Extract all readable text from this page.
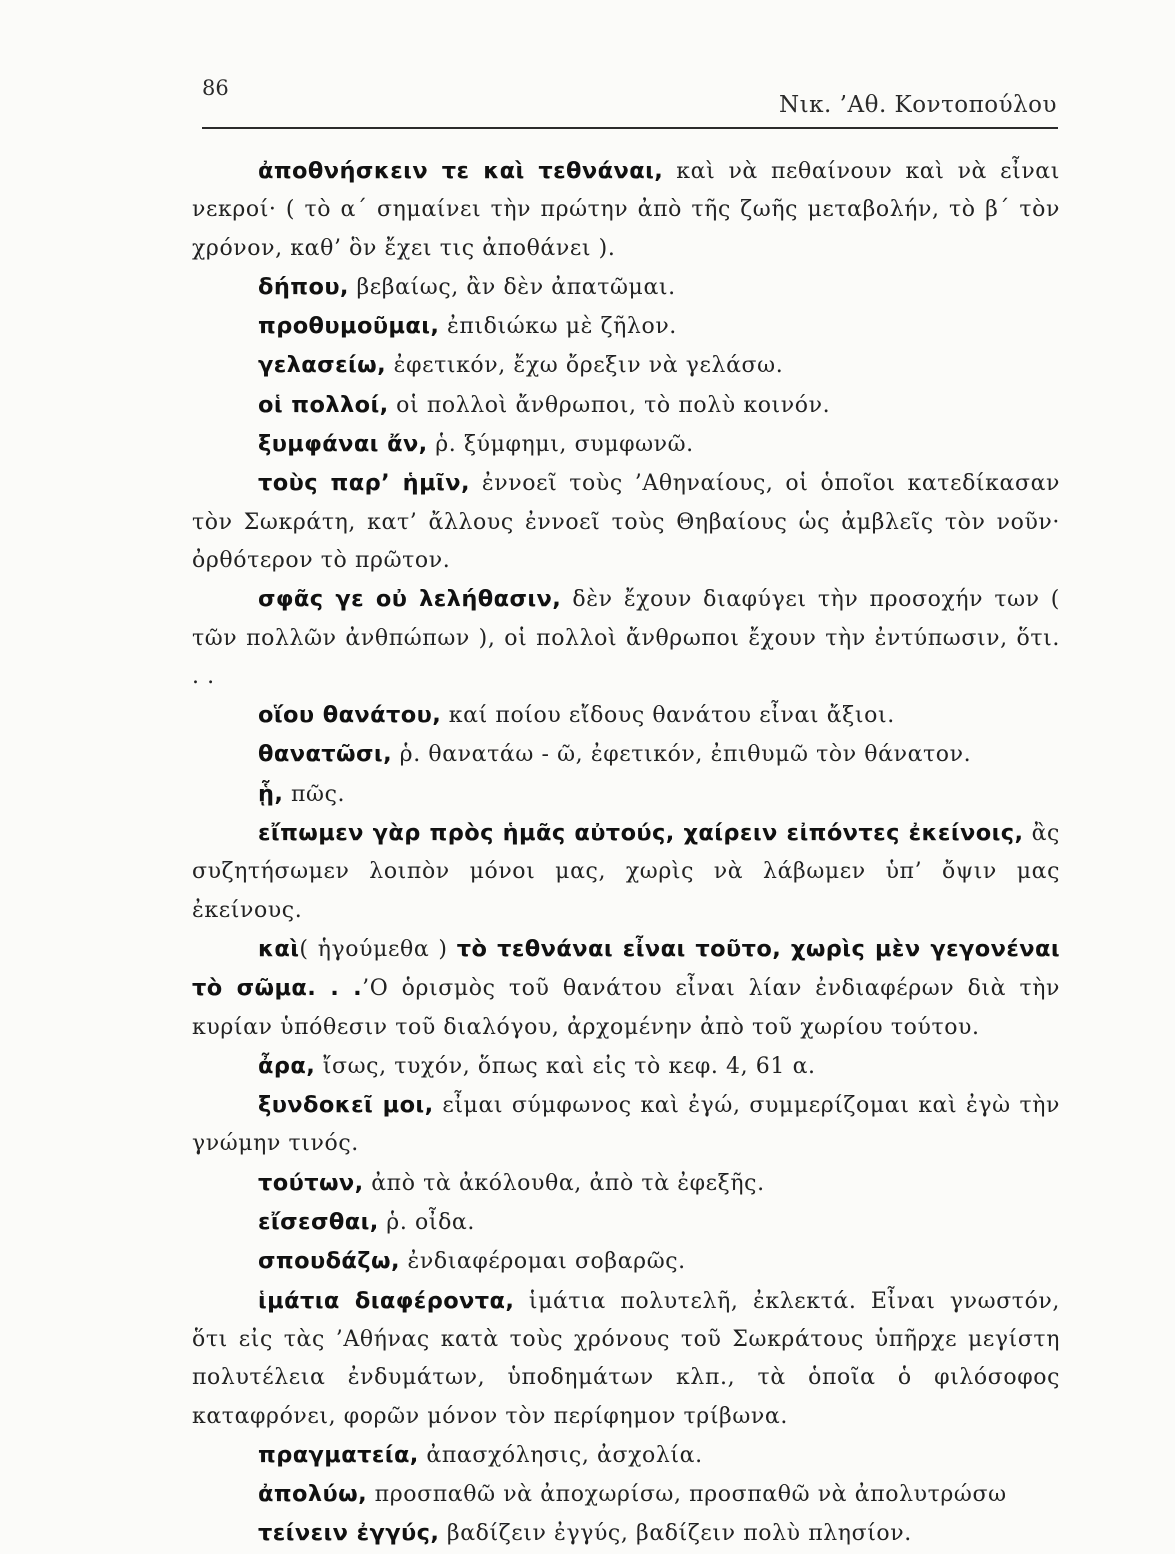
86
Νικ. ’Αθ. Κοντοπούλου

ἀποθνήσκειν τε καὶ τεθνάναι, καὶ νὰ πεθαίνουν καὶ νὰ εἶναι νεκροί· ( τὸ α΄ σημαίνει τὴν πρώτην ἀπὸ τῆς ζωῆς μεταβολήν, τὸ β΄ τὸν χρόνον, καθ’ ὃν ἔχει τις ἀποθάνει ).

δήπου, βεβαίως, ἂν δὲν ἀπατῶμαι.

προθυμοῦμαι, ἐπιδιώκω μὲ ζῆλον.

γελασείω, ἐφετικόν, ἔχω ὄρεξιν νὰ γελάσω.

οἱ πολλοί, οἱ πολλοὶ ἄνθρωποι, τὸ πολὺ κοινόν.

ξυμφάναι ἄν, ῥ. ξύμφημι, συμφωνῶ.

τοὺς παρ’ ἡμῖν, ἐννοεῖ τοὺς ’Αθηναίους, οἱ ὁποῖοι κατεδίκασαν τὸν Σωκράτη, κατ’ ἄλλους ἐννοεῖ τοὺς Θηβαίους ὡς ἀμβλεῖς τὸν νοῦν· ὀρθότερον τὸ πρῶτον.

σφᾶς γε οὐ λελήθασιν, δὲν ἔχουν διαφύγει τὴν προσοχήν των ( τῶν πολλῶν ἀνθπώπων ), οἱ πολλοὶ ἄνθρωποι ἔχουν τὴν ἐντύπωσιν, ὅτι. . .

οἵου θανάτου, καί ποίου εἴδους θανάτου εἶναι ἄξιοι.

θανατῶσι, ῥ. θανατάω - ῶ, ἐφετικόν, ἐπιθυμῶ τὸν θάνατον.

ᾗ, πῶς.

εἴπωμεν γὰρ πρὸς ἡμᾶς αὐτούς, χαίρειν εἰπόντες ἐκείνοις, ἂς συζητήσωμεν λοιπὸν μόνοι μας, χωρὶς νὰ λάβωμεν ὑπ’ ὄψιν μας ἐκείνους.

καὶ( ἡγούμεθα ) τὸ τεθνάναι εἶναι τοῦτο, χωρὶς μὲν γεγονέναι τὸ σῶμα. . .’Ο ὁρισμὸς τοῦ θανάτου εἶναι λίαν ἐνδιαφέρων διὰ τὴν κυρίαν ὑπόθεσιν τοῦ διαλόγου, ἀρχομένην ἀπὸ τοῦ χωρίου τούτου.

ἆρα, ἴσως, τυχόν, ὅπως καὶ εἰς τὸ κεφ. 4, 61 α.

ξυνδοκεῖ μοι, εἶμαι σύμφωνος καὶ ἐγώ, συμμερίζομαι καὶ ἐγὼ τὴν γνώμην τινός.

τούτων, ἀπὸ τὰ ἀκόλουθα, ἀπὸ τὰ ἐφεξῆς.

εἴσεσθαι, ῥ. οἶδα.

σπουδάζω, ἐνδιαφέρομαι σοβαρῶς.

ἱμάτια διαφέροντα, ἱμάτια πολυτελῆ, ἐκλεκτά. Εἶναι γνωστόν, ὅτι εἰς τὰς ’Αθήνας κατὰ τοὺς χρόνους τοῦ Σωκράτους ὑπῆρχε μεγίστη πολυτέλεια ἐνδυμάτων, ὑποδημάτων κλπ., τὰ ὁποῖα ὁ φιλόσοφος καταφρόνει, φορῶν μόνον τὸν περίφημον τρίβωνα.

πραγματεία, ἀπασχόλησις, ἀσχολία.

ἀπολύω, προσπαθῶ νὰ ἀποχωρίσω, προσπαθῶ νὰ ἀπολυτρώσω

τείνειν ἐγγύς, βαδίζειν ἐγγύς, βαδίζειν πολὺ πλησίον.
